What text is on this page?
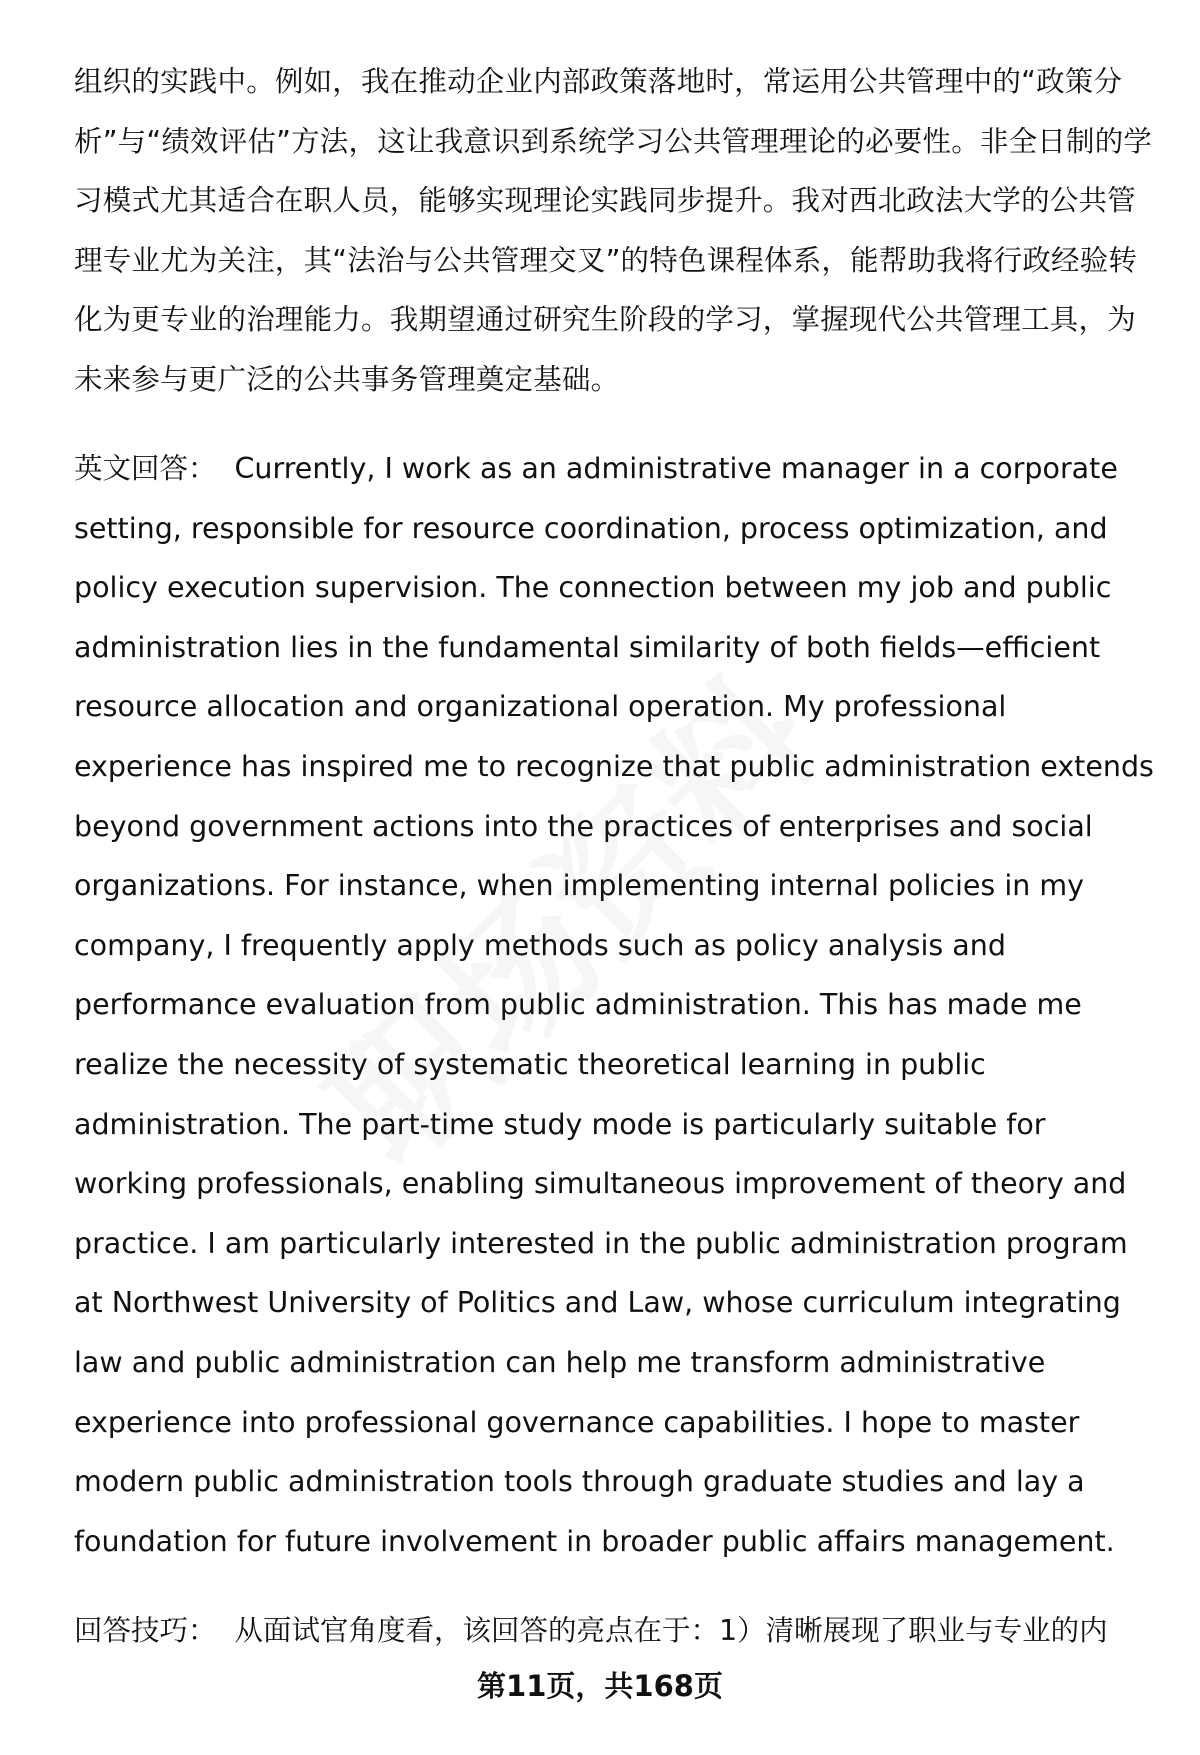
组织的实践中。例如，我在推动企业内部政策落地时，常运用公共管理中的“政策分析”与“绩效评估”方法，这让我意识到系统学习公共管理理论的必要性。非全日制的学习模式尤其适合在职人员，能够实现理论实践同步提升。我对西北政法大学的公共管理专业尤为关注，其“法治与公共管理交叉”的特色课程体系，能帮助我将行政经验转化为更专业的治理能力。我期望通过研究生阶段的学习，掌握现代公共管理工具，为未来参与更广泛的公共事务管理奠定基础。

英文回答： Currently, I work as an administrative manager in a corporate setting, responsible for resource coordination, process optimization, and policy execution supervision. The connection between my job and public administration lies in the fundamental similarity of both fields—efficient resource allocation and organizational operation. My professional experience has inspired me to recognize that public administration extends beyond government actions into the practices of enterprises and social organizations. For instance, when implementing internal policies in my company, I frequently apply methods such as policy analysis and performance evaluation from public administration. This has made me realize the necessity of systematic theoretical learning in public administration. The part-time study mode is particularly suitable for working professionals, enabling simultaneous improvement of theory and practice. I am particularly interested in the public administration program at Northwest University of Politics and Law, whose curriculum integrating law and public administration can help me transform administrative experience into professional governance capabilities. I hope to master modern public administration tools through graduate studies and lay a foundation for future involvement in broader public affairs management.

回答技巧： 从面试官角度看，该回答的亮点在于：1）清晰展现了职业与专业的内

第11页，共168页
